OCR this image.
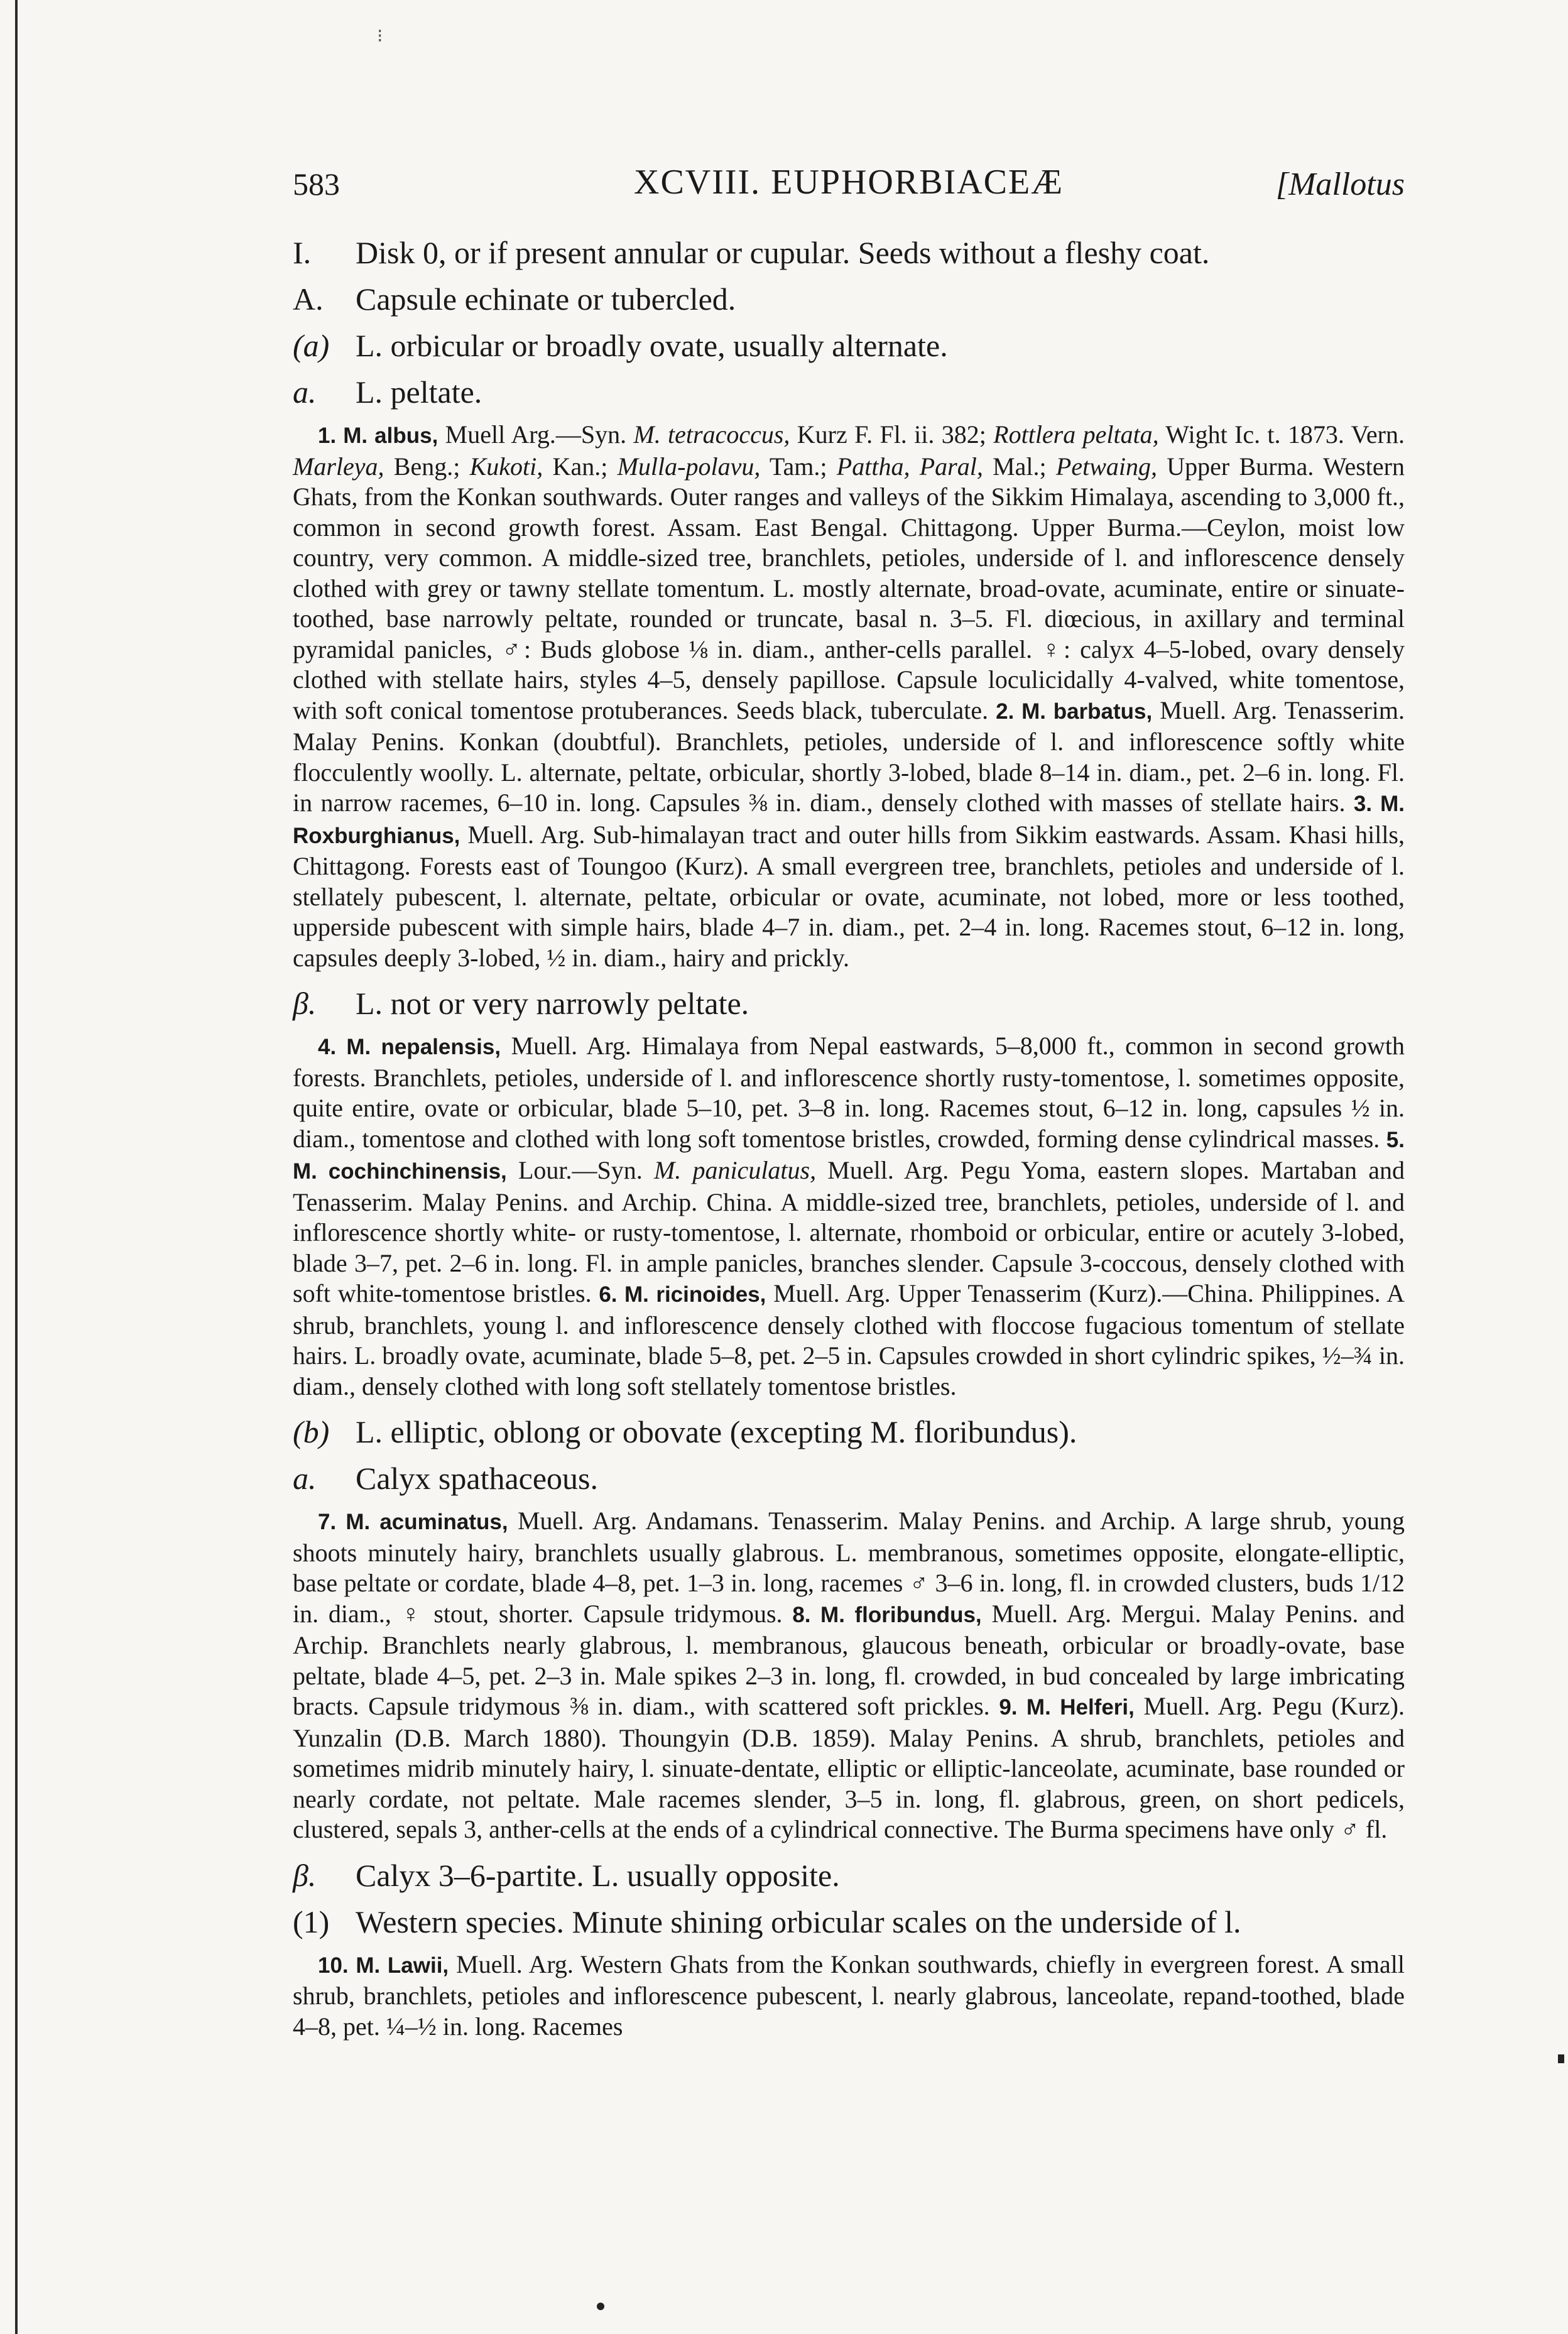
⁝
583	XCVIII. EUPHORBIACEÆ	[Mallotus
I. Disk 0, or if present annular or cupular. Seeds without a fleshy coat.
A. Capsule echinate or tubercled.
(a) L. orbicular or broadly ovate, usually alternate.
a. L. peltate.

1. M. albus, Muell Arg.—Syn. M. tetracoccus, Kurz F. Fl. ii. 382; Rottlera peltata, Wight Ic. t. 1873. Vern. Marleya, Beng.; Kukoti, Kan.; Mulla-polavu, Tam.; Pattha, Paral, Mal.; Petwaing, Upper Burma. Western Ghats, from the Konkan southwards. Outer ranges and valleys of the Sikkim Himalaya, ascending to 3,000 ft., common in second growth forest. Assam. East Bengal. Chittagong. Upper Burma.—Ceylon, moist low country, very common. A middle-sized tree, branchlets, petioles, underside of l. and inflorescence densely clothed with grey or tawny stellate tomentum. L. mostly alternate, broad-ovate, acuminate, entire or sinuate-toothed, base narrowly peltate, rounded or truncate, basal n. 3–5. Fl. diœcious, in axillary and terminal pyramidal panicles, ♂: Buds globose ⅛ in. diam., anther-cells parallel. ♀: calyx 4–5-lobed, ovary densely clothed with stellate hairs, styles 4–5, densely papillose. Capsule loculicidally 4-valved, white tomentose, with soft conical tomentose protuberances. Seeds black, tuberculate. 2. M. barbatus, Muell. Arg. Tenasserim. Malay Penins. Konkan (doubtful). Branchlets, petioles, underside of l. and inflorescence softly white flocculently woolly. L. alternate, peltate, orbicular, shortly 3-lobed, blade 8–14 in. diam., pet. 2–6 in. long. Fl. in narrow racemes, 6–10 in. long. Capsules ⅜ in. diam., densely clothed with masses of stellate hairs. 3. M. Roxburghianus, Muell. Arg. Sub-himalayan tract and outer hills from Sikkim eastwards. Assam. Khasi hills, Chittagong. Forests east of Toungoo (Kurz). A small evergreen tree, branchlets, petioles and underside of l. stellately pubescent, l. alternate, peltate, orbicular or ovate, acuminate, not lobed, more or less toothed, upperside pubescent with simple hairs, blade 4–7 in. diam., pet. 2–4 in. long. Racemes stout, 6–12 in. long, capsules deeply 3-lobed, ½ in. diam., hairy and prickly.

β. L. not or very narrowly peltate.

4. M. nepalensis, Muell. Arg. Himalaya from Nepal eastwards, 5–8,000 ft., common in second growth forests. Branchlets, petioles, underside of l. and inflorescence shortly rusty-tomentose, l. sometimes opposite, quite entire, ovate or orbicular, blade 5–10, pet. 3–8 in. long. Racemes stout, 6–12 in. long, capsules ½ in. diam., tomentose and clothed with long soft tomentose bristles, crowded, forming dense cylindrical masses. 5. M. cochinchinensis, Lour.—Syn. M. paniculatus, Muell. Arg. Pegu Yoma, eastern slopes. Martaban and Tenasserim. Malay Penins. and Archip. China. A middle-sized tree, branchlets, petioles, underside of l. and inflorescence shortly white- or rusty-tomentose, l. alternate, rhomboid or orbicular, entire or acutely 3-lobed, blade 3–7, pet. 2–6 in. long. Fl. in ample panicles, branches slender. Capsule 3-coccous, densely clothed with soft white-tomentose bristles. 6. M. ricinoides, Muell. Arg. Upper Tenasserim (Kurz).—China. Philippines. A shrub, branchlets, young l. and inflorescence densely clothed with floccose fugacious tomentum of stellate hairs. L. broadly ovate, acuminate, blade 5–8, pet. 2–5 in. Capsules crowded in short cylindric spikes, ½–¾ in. diam., densely clothed with long soft stellately tomentose bristles.

(b) L. elliptic, oblong or obovate (excepting M. floribundus).
a. Calyx spathaceous.

7. M. acuminatus, Muell. Arg. Andamans. Tenasserim. Malay Penins. and Archip. A large shrub, young shoots minutely hairy, branchlets usually glabrous. L. membranous, sometimes opposite, elongate-elliptic, base peltate or cordate, blade 4–8, pet. 1–3 in. long, racemes ♂ 3–6 in. long, fl. in crowded clusters, buds 1/12 in. diam., ♀ stout, shorter. Capsule tridymous. 8. M. floribundus, Muell. Arg. Mergui. Malay Penins. and Archip. Branchlets nearly glabrous, l. membranous, glaucous beneath, orbicular or broadly-ovate, base peltate, blade 4–5, pet. 2–3 in. Male spikes 2–3 in. long, fl. crowded, in bud concealed by large imbricating bracts. Capsule tridymous ⅜ in. diam., with scattered soft prickles. 9. M. Helferi, Muell. Arg. Pegu (Kurz). Yunzalin (D.B. March 1880). Thoungyin (D.B. 1859). Malay Penins. A shrub, branchlets, petioles and sometimes midrib minutely hairy, l. sinuate-dentate, elliptic or elliptic-lanceolate, acuminate, base rounded or nearly cordate, not peltate. Male racemes slender, 3–5 in. long, fl. glabrous, green, on short pedicels, clustered, sepals 3, anther-cells at the ends of a cylindrical connective. The Burma specimens have only ♂ fl.

β. Calyx 3–6-partite. L. usually opposite.
(1) Western species. Minute shining orbicular scales on the underside of l.

10. M. Lawii, Muell. Arg. Western Ghats from the Konkan southwards, chiefly in evergreen forest. A small shrub, branchlets, petioles and inflorescence pubescent, l. nearly glabrous, lanceolate, repand-toothed, blade 4–8, pet. ¼–½ in. long. Racemes
